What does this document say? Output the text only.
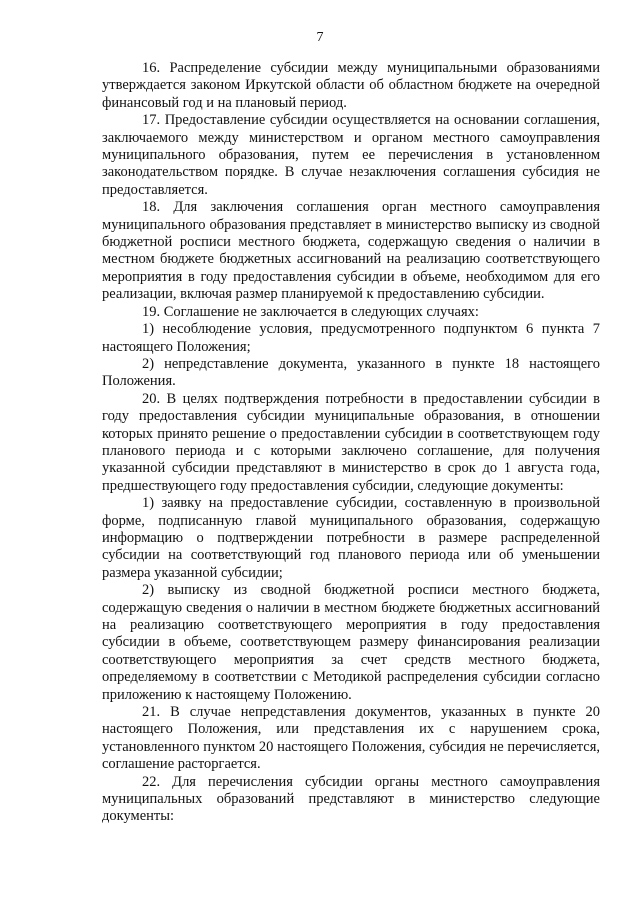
7

16. Распределение субсидии между муниципальными образованиями утверждается законом Иркутской области об областном бюджете на очередной финансовый год и на плановый период.

17. Предоставление субсидии осуществляется на основании соглашения, заключаемого между министерством и органом местного самоуправления муниципального образования, путем ее перечисления в установленном законодательством порядке. В случае незаключения соглашения субсидия не предоставляется.

18. Для заключения соглашения орган местного самоуправления муниципального образования представляет в министерство выписку из сводной бюджетной росписи местного бюджета, содержащую сведения о наличии в местном бюджете бюджетных ассигнований на реализацию соответствующего мероприятия в году предоставления субсидии в объеме, необходимом для его реализации, включая размер планируемой к предоставлению субсидии.

19. Соглашение не заключается в следующих случаях:

1) несоблюдение условия, предусмотренного подпунктом 6 пункта 7 настоящего Положения;

2) непредставление документа, указанного в пункте 18 настоящего Положения.

20. В целях подтверждения потребности в предоставлении субсидии в году предоставления субсидии муниципальные образования, в отношении которых принято решение о предоставлении субсидии в соответствующем году планового периода и с которыми заключено соглашение, для получения указанной субсидии представляют в министерство в срок до 1 августа года, предшествующего году предоставления субсидии, следующие документы:

1) заявку на предоставление субсидии, составленную в произвольной форме, подписанную главой муниципального образования, содержащую информацию о подтверждении потребности в размере распределенной субсидии на соответствующий год планового периода или об уменьшении размера указанной субсидии;

2) выписку из сводной бюджетной росписи местного бюджета, содержащую сведения о наличии в местном бюджете бюджетных ассигнований на реализацию соответствующего мероприятия в году предоставления субсидии в объеме, соответствующем размеру финансирования реализации соответствующего мероприятия за счет средств местного бюджета, определяемому в соответствии с Методикой распределения субсидии согласно приложению к настоящему Положению.

21. В случае непредставления документов, указанных в пункте 20 настоящего Положения, или представления их с нарушением срока, установленного пунктом 20 настоящего Положения, субсидия не перечисляется, соглашение расторгается.

22. Для перечисления субсидии органы местного самоуправления муниципальных образований представляют в министерство следующие документы:
